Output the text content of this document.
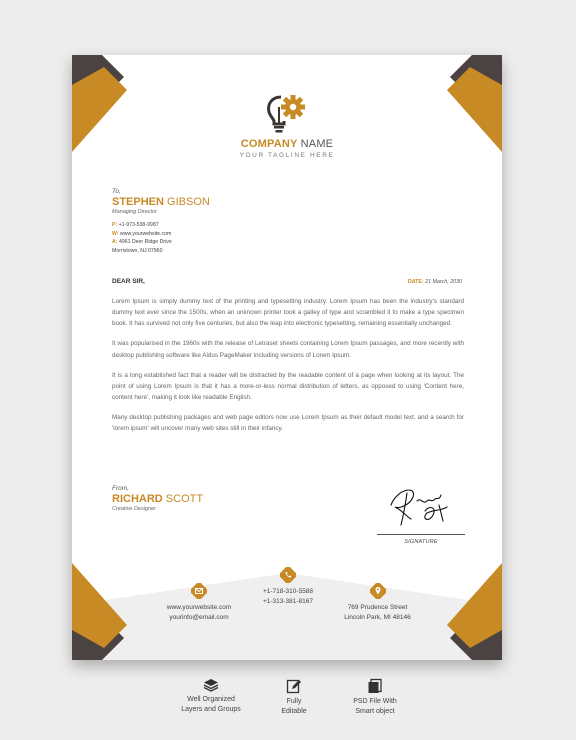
COMPANY NAME
YOUR TAGLINE HERE
To,
STEPHEN GIBSON
Managing Director
P: +1-973-538-9987
W: www.yourwebsite.com
A: 4961 Deer Ridge Drive
Morristown, NJ 07960
DEAR SIR,	DATE: 21 March, 2030

Lorem Ipsum is simply dummy text of the printing and typesetting industry. Lorem Ipsum has been the industry's standard dummy text ever since the 1500s, when an unknown printer took a galley of type and scrambled it to make a type specimen book. It has survived not only five centuries, but also the leap into electronic typesetting, remaining essentially unchanged.

It was popularised in the 1960s with the release of Letraset sheets containing Lorem Ipsum passages, and more recently with desktop publishing software like Aldus PageMaker including versions of Lorem Ipsum.

It is a long established fact that a reader will be distracted by the readable content of a page when looking at its layout. The point of using Lorem Ipsum is that it has a more-or-less normal distribution of letters, as opposed to using 'Content here, content here', making it look like readable English.

Many desktop publishing packages and web page editors now use Lorem Ipsum as their default model text, and a search for 'lorem ipsum' will uncover many web sites still in their infancy.

From,
RICHARD SCOTT
Creative Designer
SIGNATURE
www.yourwebsite.com
yourinfo@email.com
+1-718-310-5588
+1-313-381-8167
769 Prudence Street
Lincoln Park, MI 48146
Well Organized
Layers and Groups
Fully
Editable
PSD File With
Smart object
